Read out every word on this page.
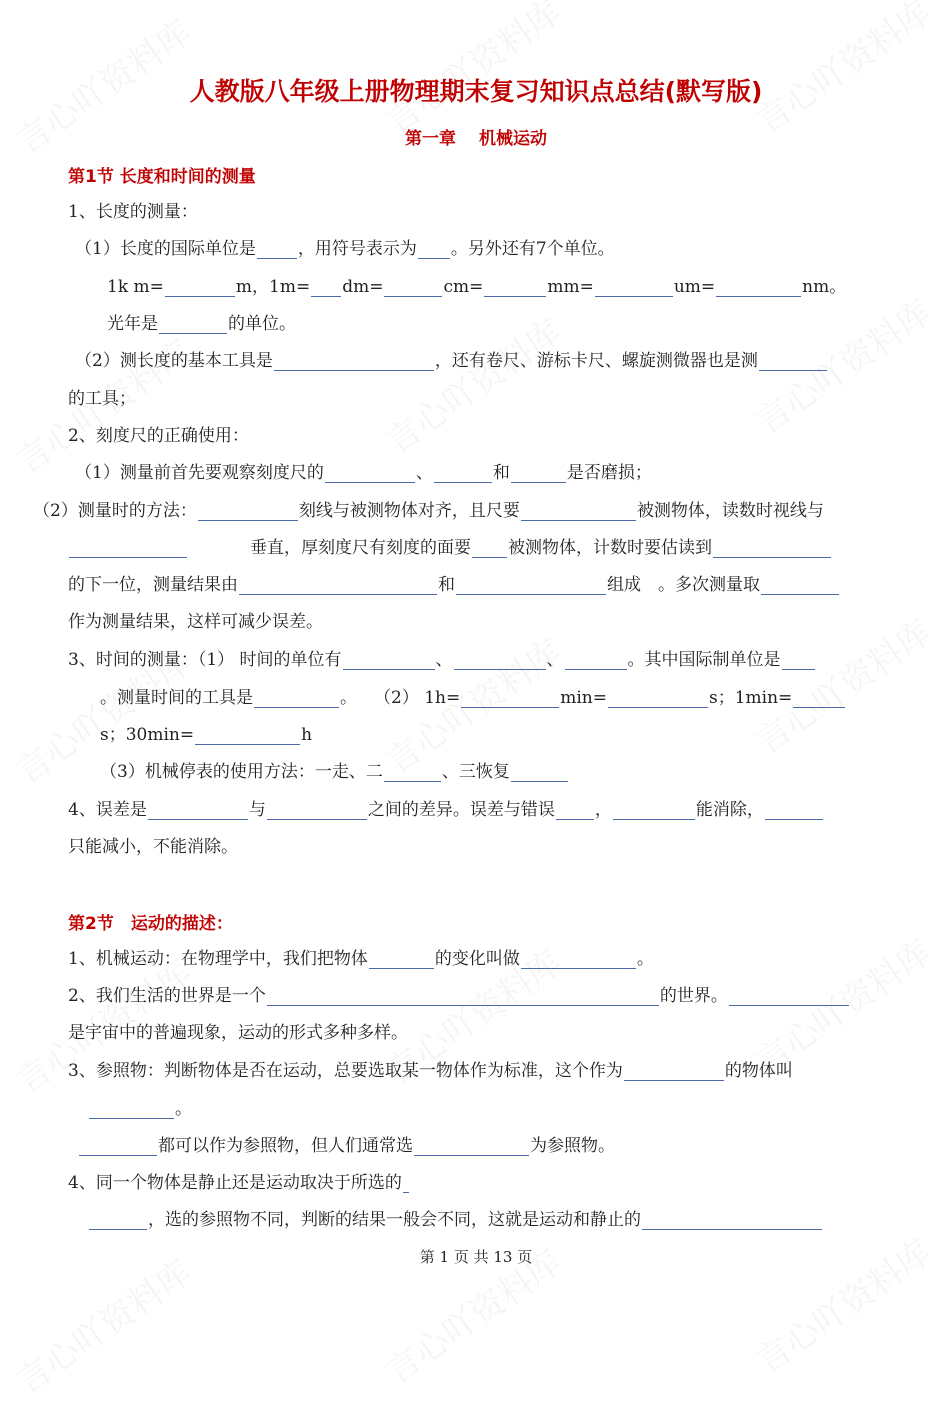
人教版八年级上册物理期末复习知识点总结(默写版)
第一章　 机械运动
第1节 长度和时间的测量
第2节　运动的描述：
1、长度的测量：
（1）长度的国际单位是 ，用符号表示为 。另外还有7个单位。
1k m=	m，1m= dm=	cm=	mm=	um=	nm。
光年是	的单位。
（2）测长度的基本工具是	，还有卷尺、游标卡尺、螺旋测微器也是测
的工具；
2、刻度尺的正确使用：
（1）测量前首先要观察刻度尺的	、	和	是否磨损；
（2）测量时的方法：	刻线与被测物体对齐，且尺要	被测物体，读数时视线与
垂直，厚刻度尺有刻度的面要 被测物体，计数时要估读到
的下一位，测量结果由	和	组成　。多次测量取
作为测量结果，这样可减少误差。
3、时间的测量：（1） 时间的单位有	、	、	。其中国际制单位是
。测量时间的工具是	。　　（2） 1h=	min=	s；1min=
s；30min=	h
（3）机械停表的使用方法：一走、二	、三恢复
4、误差是	与	之间的差异。误差与错误 ，	能消除，
只能减小，不能消除。
1、机械运动：在物理学中，我们把物体	的变化叫做	。
2、我们生活的世界是一个	的世界。
是宇宙中的普遍现象，运动的形式多种多样。
3、参照物：判断物体是否在运动，总要选取某一物体作为标准，这个作为	的物体叫
。
都可以作为参照物，但人们通常选	为参照物。
4、同一个物体是静止还是运动取决于所选的
，选的参照物不同，判断的结果一般会不同，这就是运动和静止的
第 1 页 共 13 页
